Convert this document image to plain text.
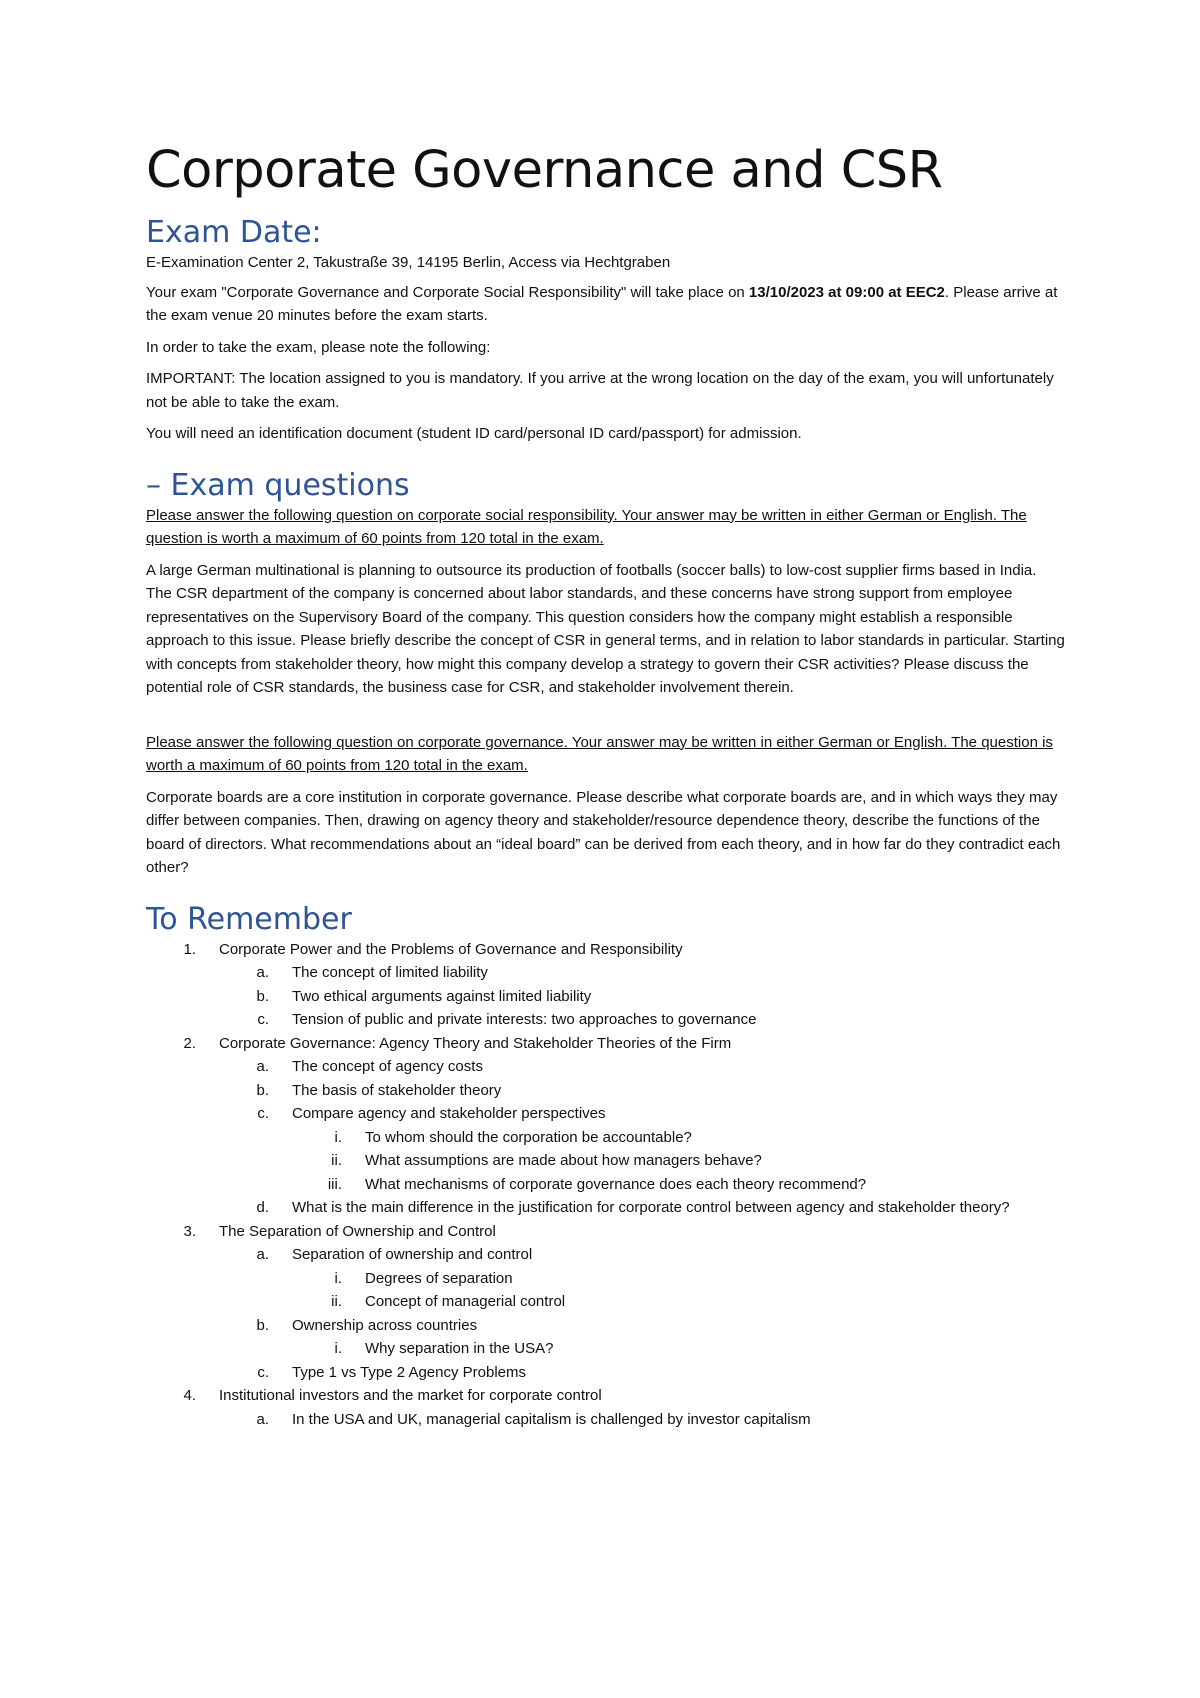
Corporate Governance and CSR
Exam Date:

E-Examination Center 2, Takustraße 39, 14195 Berlin, Access via Hechtgraben

Your exam "Corporate Governance and Corporate Social Responsibility" will take place on 13/10/2023 at 09:00 at EEC2. Please arrive at the exam venue 20 minutes before the exam starts.

In order to take the exam, please note the following:

IMPORTANT: The location assigned to you is mandatory. If you arrive at the wrong location on the day of the exam, you will unfortunately not be able to take the exam.

You will need an identification document (student ID card/personal ID card/passport) for admission.

– Exam questions

Please answer the following question on corporate social responsibility. Your answer may be written in either German or English. The question is worth a maximum of 60 points from 120 total in the exam.

A large German multinational is planning to outsource its production of footballs (soccer balls) to low-cost supplier firms based in India. The CSR department of the company is concerned about labor standards, and these concerns have strong support from employee representatives on the Supervisory Board of the company. This question considers how the company might establish a responsible approach to this issue. Please briefly describe the concept of CSR in general terms, and in relation to labor standards in particular. Starting with concepts from stakeholder theory, how might this company develop a strategy to govern their CSR activities? Please discuss the potential role of CSR standards, the business case for CSR, and stakeholder involvement therein.

Please answer the following question on corporate governance. Your answer may be written in either German or English. The question is worth a maximum of 60 points from 120 total in the exam.

Corporate boards are a core institution in corporate governance. Please describe what corporate boards are, and in which ways they may differ between companies. Then, drawing on agency theory and stakeholder/resource dependence theory, describe the functions of the board of directors. What recommendations about an “ideal board” can be derived from each theory, and in how far do they contradict each other?

To Remember
1. Corporate Power and the Problems of Governance and Responsibility
a. The concept of limited liability
b. Two ethical arguments against limited liability
c. Tension of public and private interests: two approaches to governance
2. Corporate Governance: Agency Theory and Stakeholder Theories of the Firm
a. The concept of agency costs
b. The basis of stakeholder theory
c. Compare agency and stakeholder perspectives
i. To whom should the corporation be accountable?
ii. What assumptions are made about how managers behave?
iii. What mechanisms of corporate governance does each theory recommend?
d. What is the main difference in the justification for corporate control between agency and stakeholder theory?
3. The Separation of Ownership and Control
a. Separation of ownership and control
i. Degrees of separation
ii. Concept of managerial control
b. Ownership across countries
i. Why separation in the USA?
c. Type 1 vs Type 2 Agency Problems
4. Institutional investors and the market for corporate control
a. In the USA and UK, managerial capitalism is challenged by investor capitalism
